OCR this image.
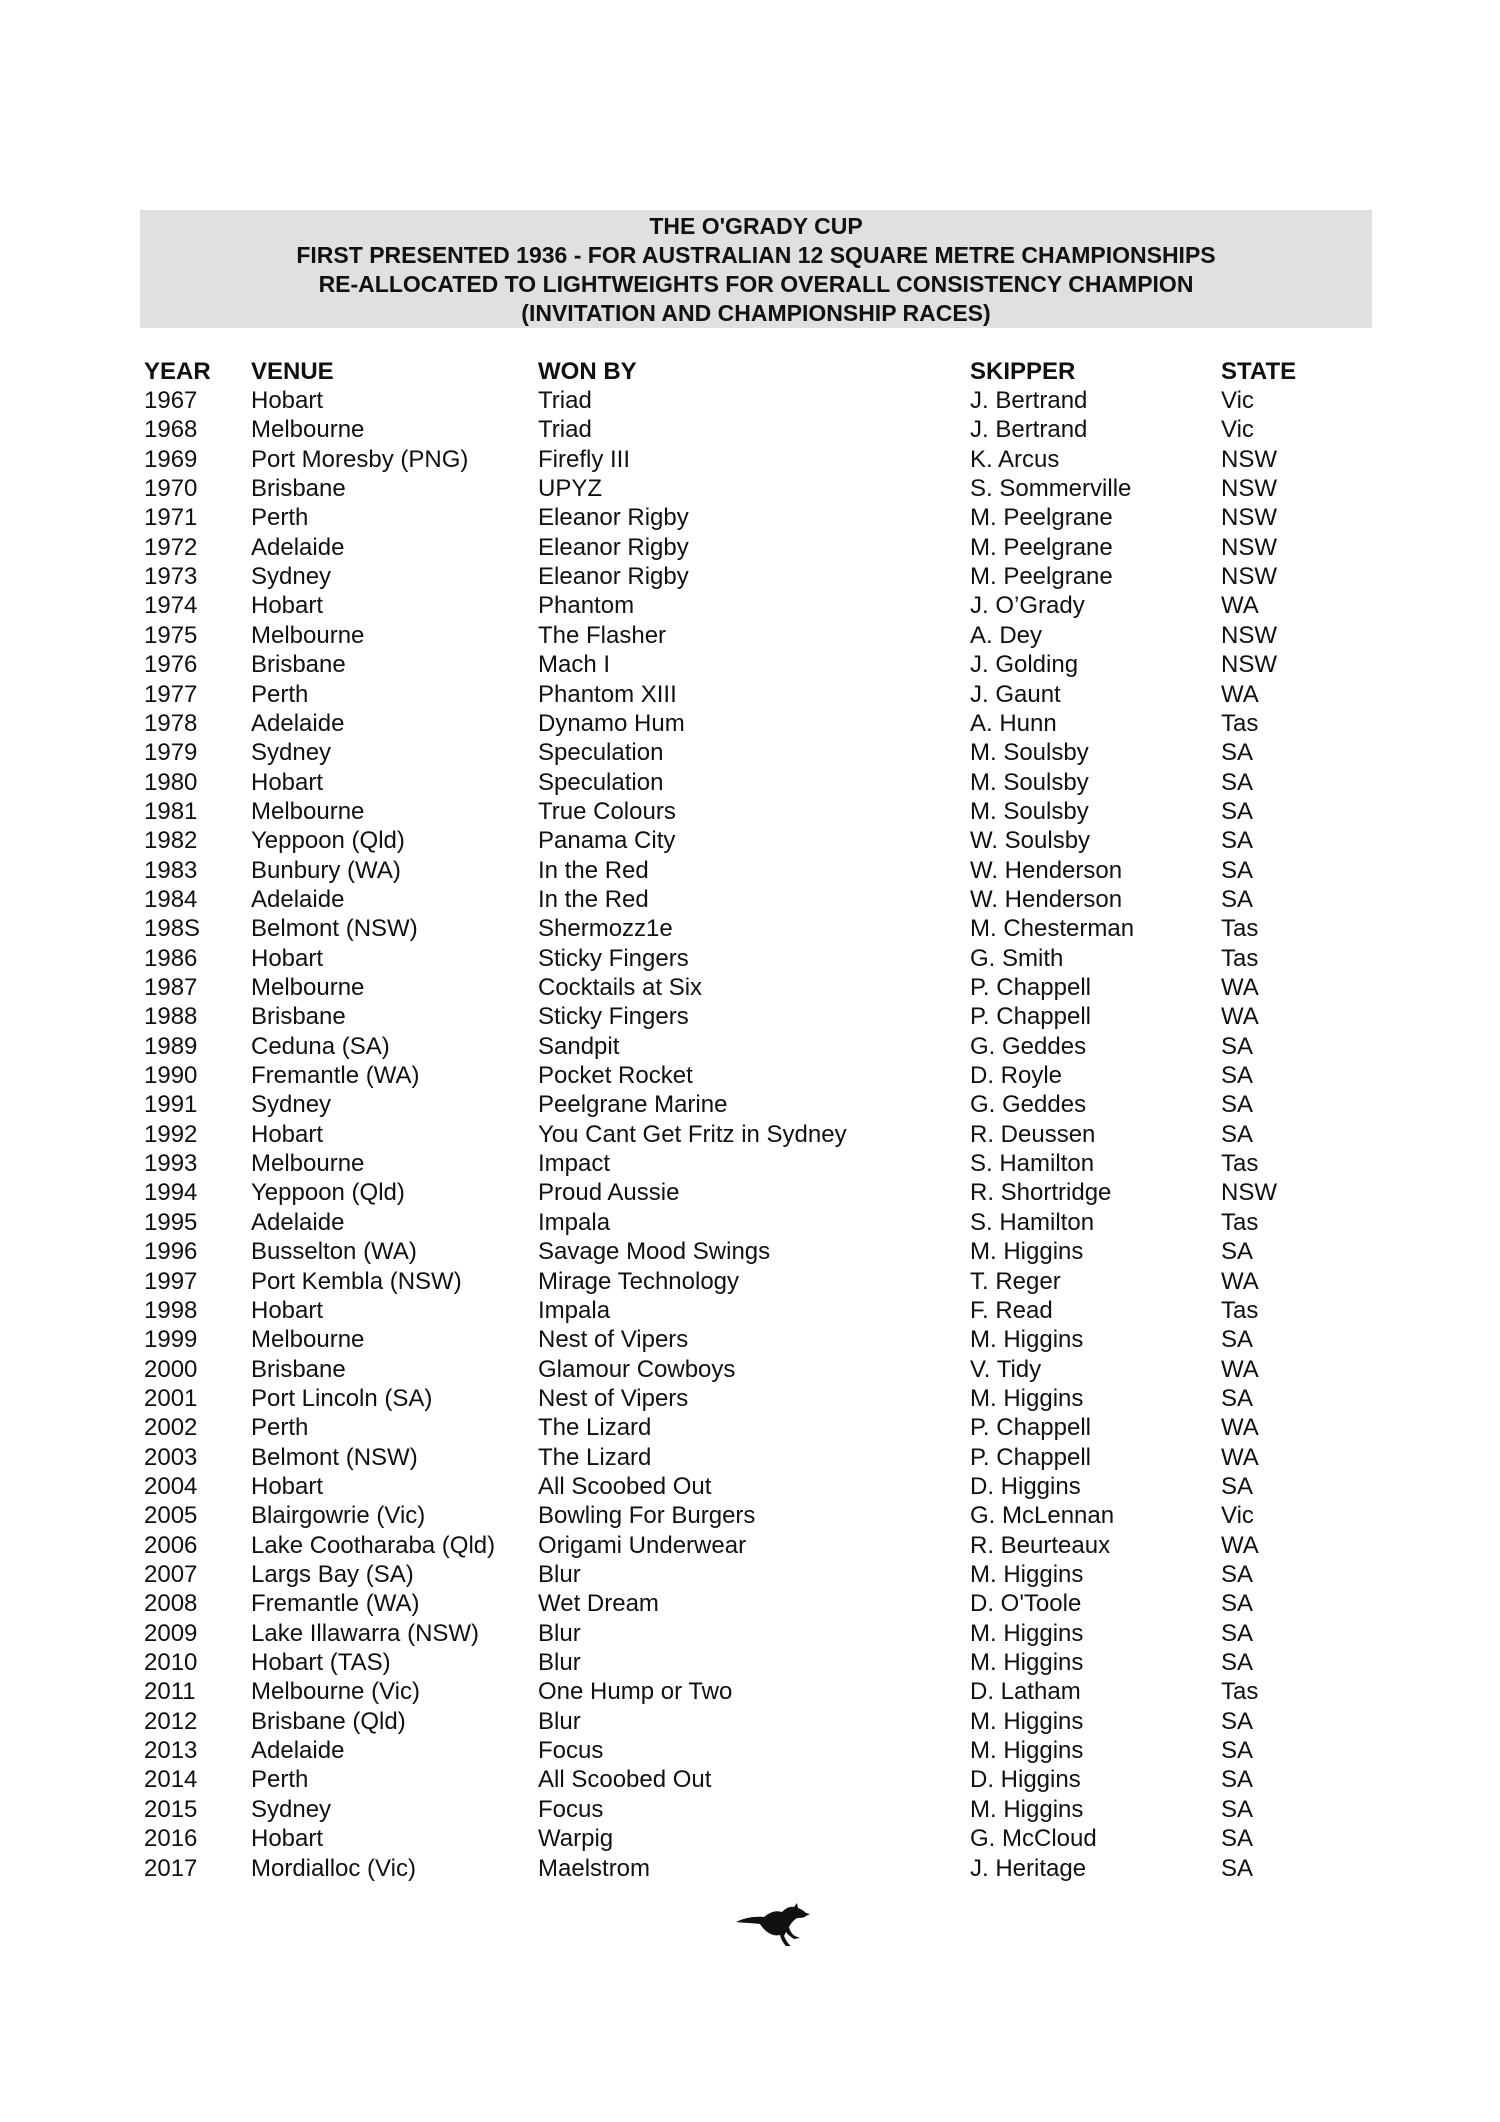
THE O'GRADY CUP
FIRST PRESENTED 1936 - FOR AUSTRALIAN 12 SQUARE METRE CHAMPIONSHIPS
RE-ALLOCATED TO LIGHTWEIGHTS FOR OVERALL CONSISTENCY CHAMPION
(INVITATION AND CHAMPIONSHIP RACES)
YEAR VENUE	WON BY	SKIPPER	STATE
1967 Hobart	Triad	J. Bertrand	Vic
1968 Melbourne	Triad	J. Bertrand	Vic
1969 Port Moresby (PNG)	Firefly III	K. Arcus	NSW
1970 Brisbane	UPYZ	S. Sommerville	NSW
1971 Perth	Eleanor Rigby	M. Peelgrane	NSW
1972 Adelaide	Eleanor Rigby	M. Peelgrane	NSW
1973 Sydney	Eleanor Rigby	M. Peelgrane	NSW
1974 Hobart	Phantom	J. O’Grady	WA
1975 Melbourne	The Flasher	A. Dey	NSW
1976 Brisbane	Mach I	J. Golding	NSW
1977 Perth	Phantom XIII	J. Gaunt	WA
1978 Adelaide	Dynamo Hum	A. Hunn	Tas
1979 Sydney	Speculation	M. Soulsby	SA
1980 Hobart	Speculation	M. Soulsby	SA
1981 Melbourne	True Colours	M. Soulsby	SA
1982 Yeppoon (Qld)	Panama City	W. Soulsby	SA
1983 Bunbury (WA)	In the Red	W. Henderson	SA
1984 Adelaide	In the Red	W. Henderson	SA
198S Belmont (NSW)	Shermozz1e	M. Chesterman	Tas
1986 Hobart	Sticky Fingers	G. Smith	Tas
1987 Melbourne	Cocktails at Six	P. Chappell	WA
1988 Brisbane	Sticky Fingers	P. Chappell	WA
1989 Ceduna (SA)	Sandpit	G. Geddes	SA
1990 Fremantle (WA)	Pocket Rocket	D. Royle	SA
1991 Sydney	Peelgrane Marine	G. Geddes	SA
1992 Hobart	You Cant Get Fritz in Sydney	R. Deussen	SA
1993 Melbourne	Impact	S. Hamilton	Tas
1994 Yeppoon (Qld)	Proud Aussie	R. Shortridge	NSW
1995 Adelaide	Impala	S. Hamilton	Tas
1996 Busselton (WA)	Savage Mood Swings	M. Higgins	SA
1997 Port Kembla (NSW)	Mirage Technology	T. Reger	WA
1998 Hobart	Impala	F. Read	Tas
1999 Melbourne	Nest of Vipers	M. Higgins	SA
2000 Brisbane	Glamour Cowboys	V. Tidy	WA
2001 Port Lincoln (SA)	Nest of Vipers	M. Higgins	SA
2002 Perth	The Lizard	P. Chappell	WA
2003 Belmont (NSW)	The Lizard	P. Chappell	WA
2004 Hobart	All Scoobed Out	D. Higgins	SA
2005 Blairgowrie (Vic)	Bowling For Burgers	G. McLennan	Vic
2006 Lake Cootharaba (Qld) Origami Underwear	R. Beurteaux	WA
2007 Largs Bay (SA)	Blur	M. Higgins	SA
2008 Fremantle (WA)	Wet Dream	D. O'Toole	SA
2009 Lake Illawarra (NSW) Blur	M. Higgins	SA
2010 Hobart (TAS)	Blur	M. Higgins	SA
2011 Melbourne (Vic)	One Hump or Two	D. Latham	Tas
2012 Brisbane (Qld)	Blur	M. Higgins	SA
2013 Adelaide	Focus	M. Higgins	SA
2014 Perth	All Scoobed Out	D. Higgins	SA
2015 Sydney	Focus	M. Higgins	SA
2016 Hobart	Warpig	G. McCloud	SA
2017 Mordialloc (Vic)	Maelstrom	J. Heritage	SA
